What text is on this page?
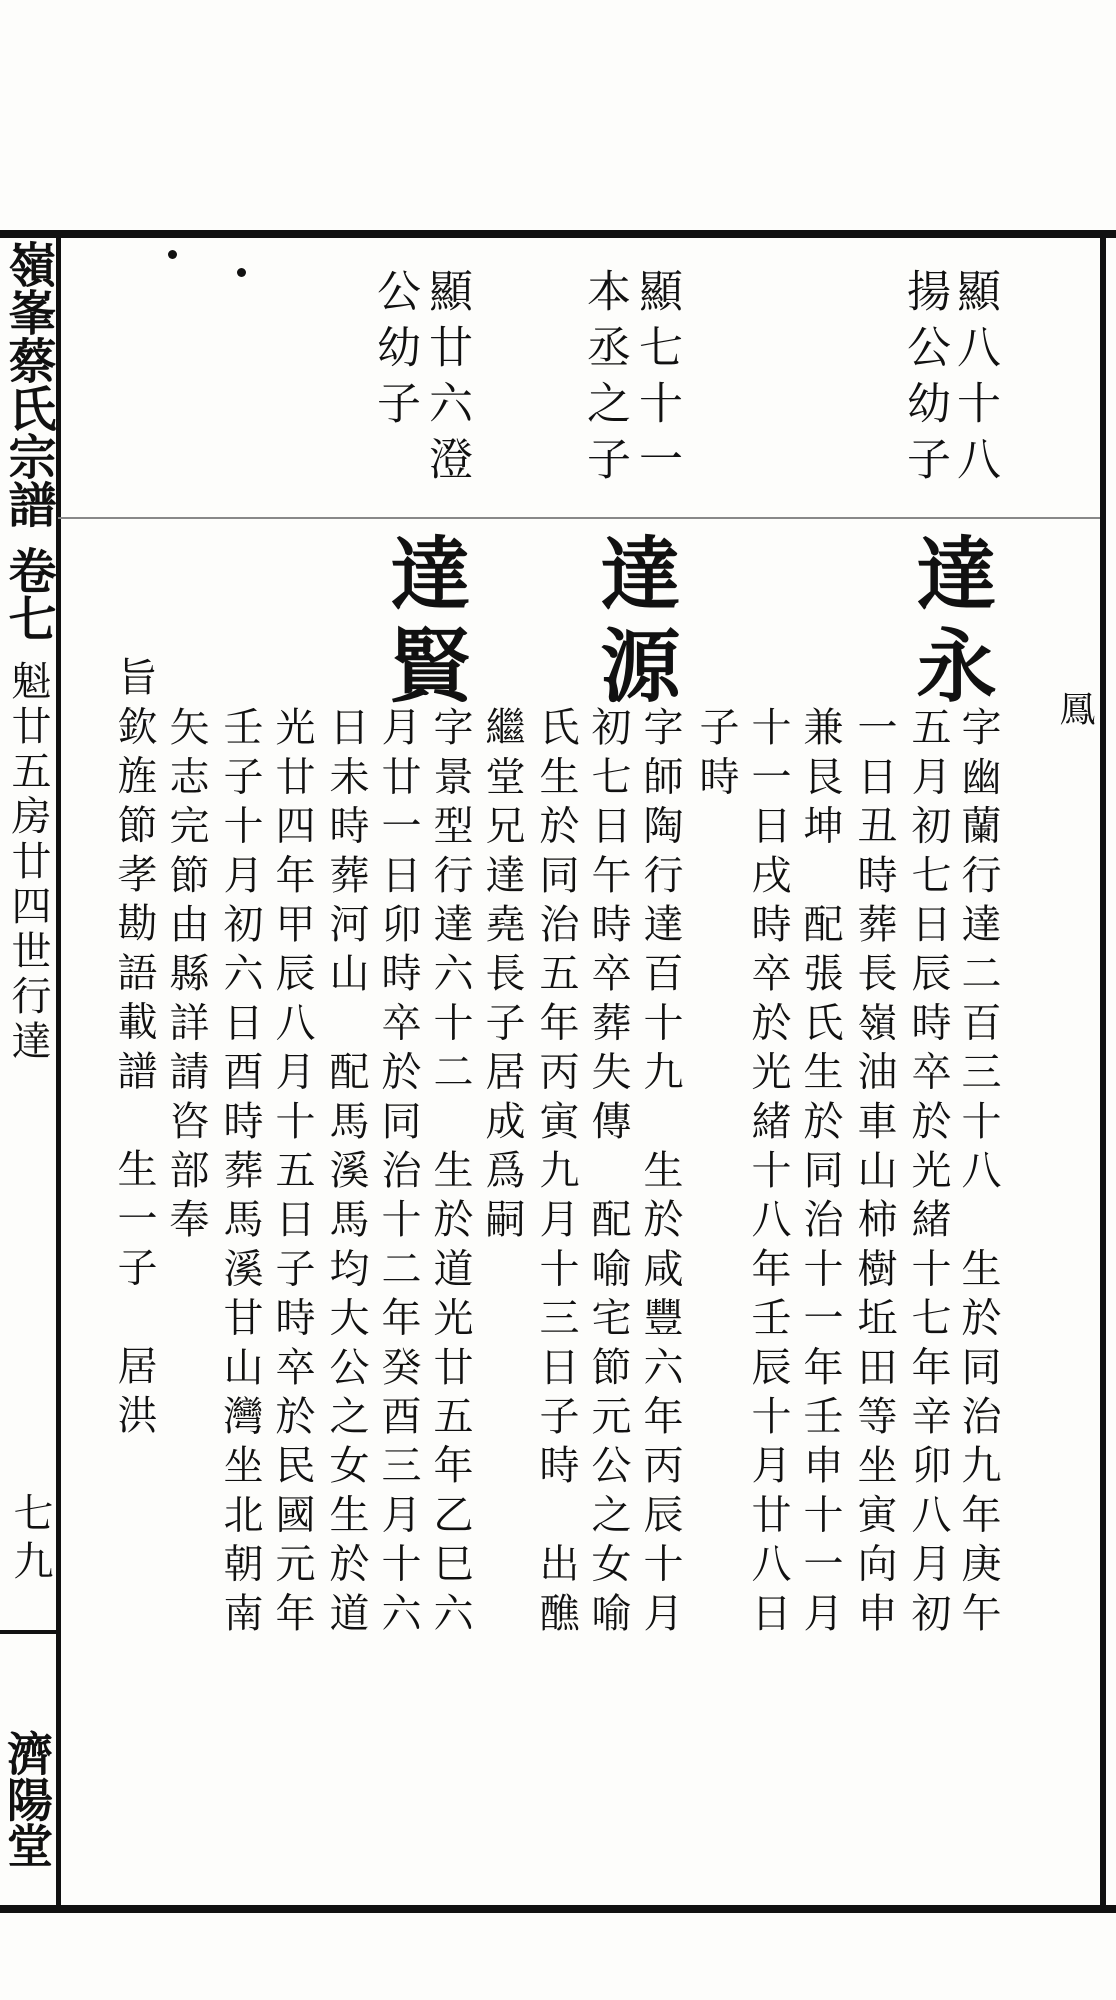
鳳
嶺峯蔡氏宗譜
卷七
魁廿五房廿四世行達
七九
濟陽堂
顯八十八
揚公幼子
達永
字幽蘭行達二百三十八　生於同治九年庚午
五月初七日辰時卒於光緒十七年辛卯八月初
一日丑時葬長嶺油車山柿樹坵田等坐寅向申
兼艮坤　配張氏生於同治十一年壬申十一月
十一日戌時卒於光緒十八年壬辰十月廿八日
子時
顯七十一
本丞之子
達源
字師陶行達百十九　生於咸豐六年丙辰十月
初七日午時卒葬失傳　配喻宅節元公之女喻
氏生於同治五年丙寅九月十三日子時　出醮
繼堂兄達堯長子居成爲嗣
顯廿六澄
公幼子
達賢
字景型行達六十二　生於道光廿五年乙巳六
月廿一日卯時卒於同治十二年癸酉三月十六
日未時葬河山　配馬溪馬均大公之女生於道
光廿四年甲辰八月十五日子時卒於民國元年
壬子十月初六日酉時葬馬溪甘山灣坐北朝南
矢志完節由縣詳請咨部奉
旨欽旌節孝勘語載譜　生一子　居洪
